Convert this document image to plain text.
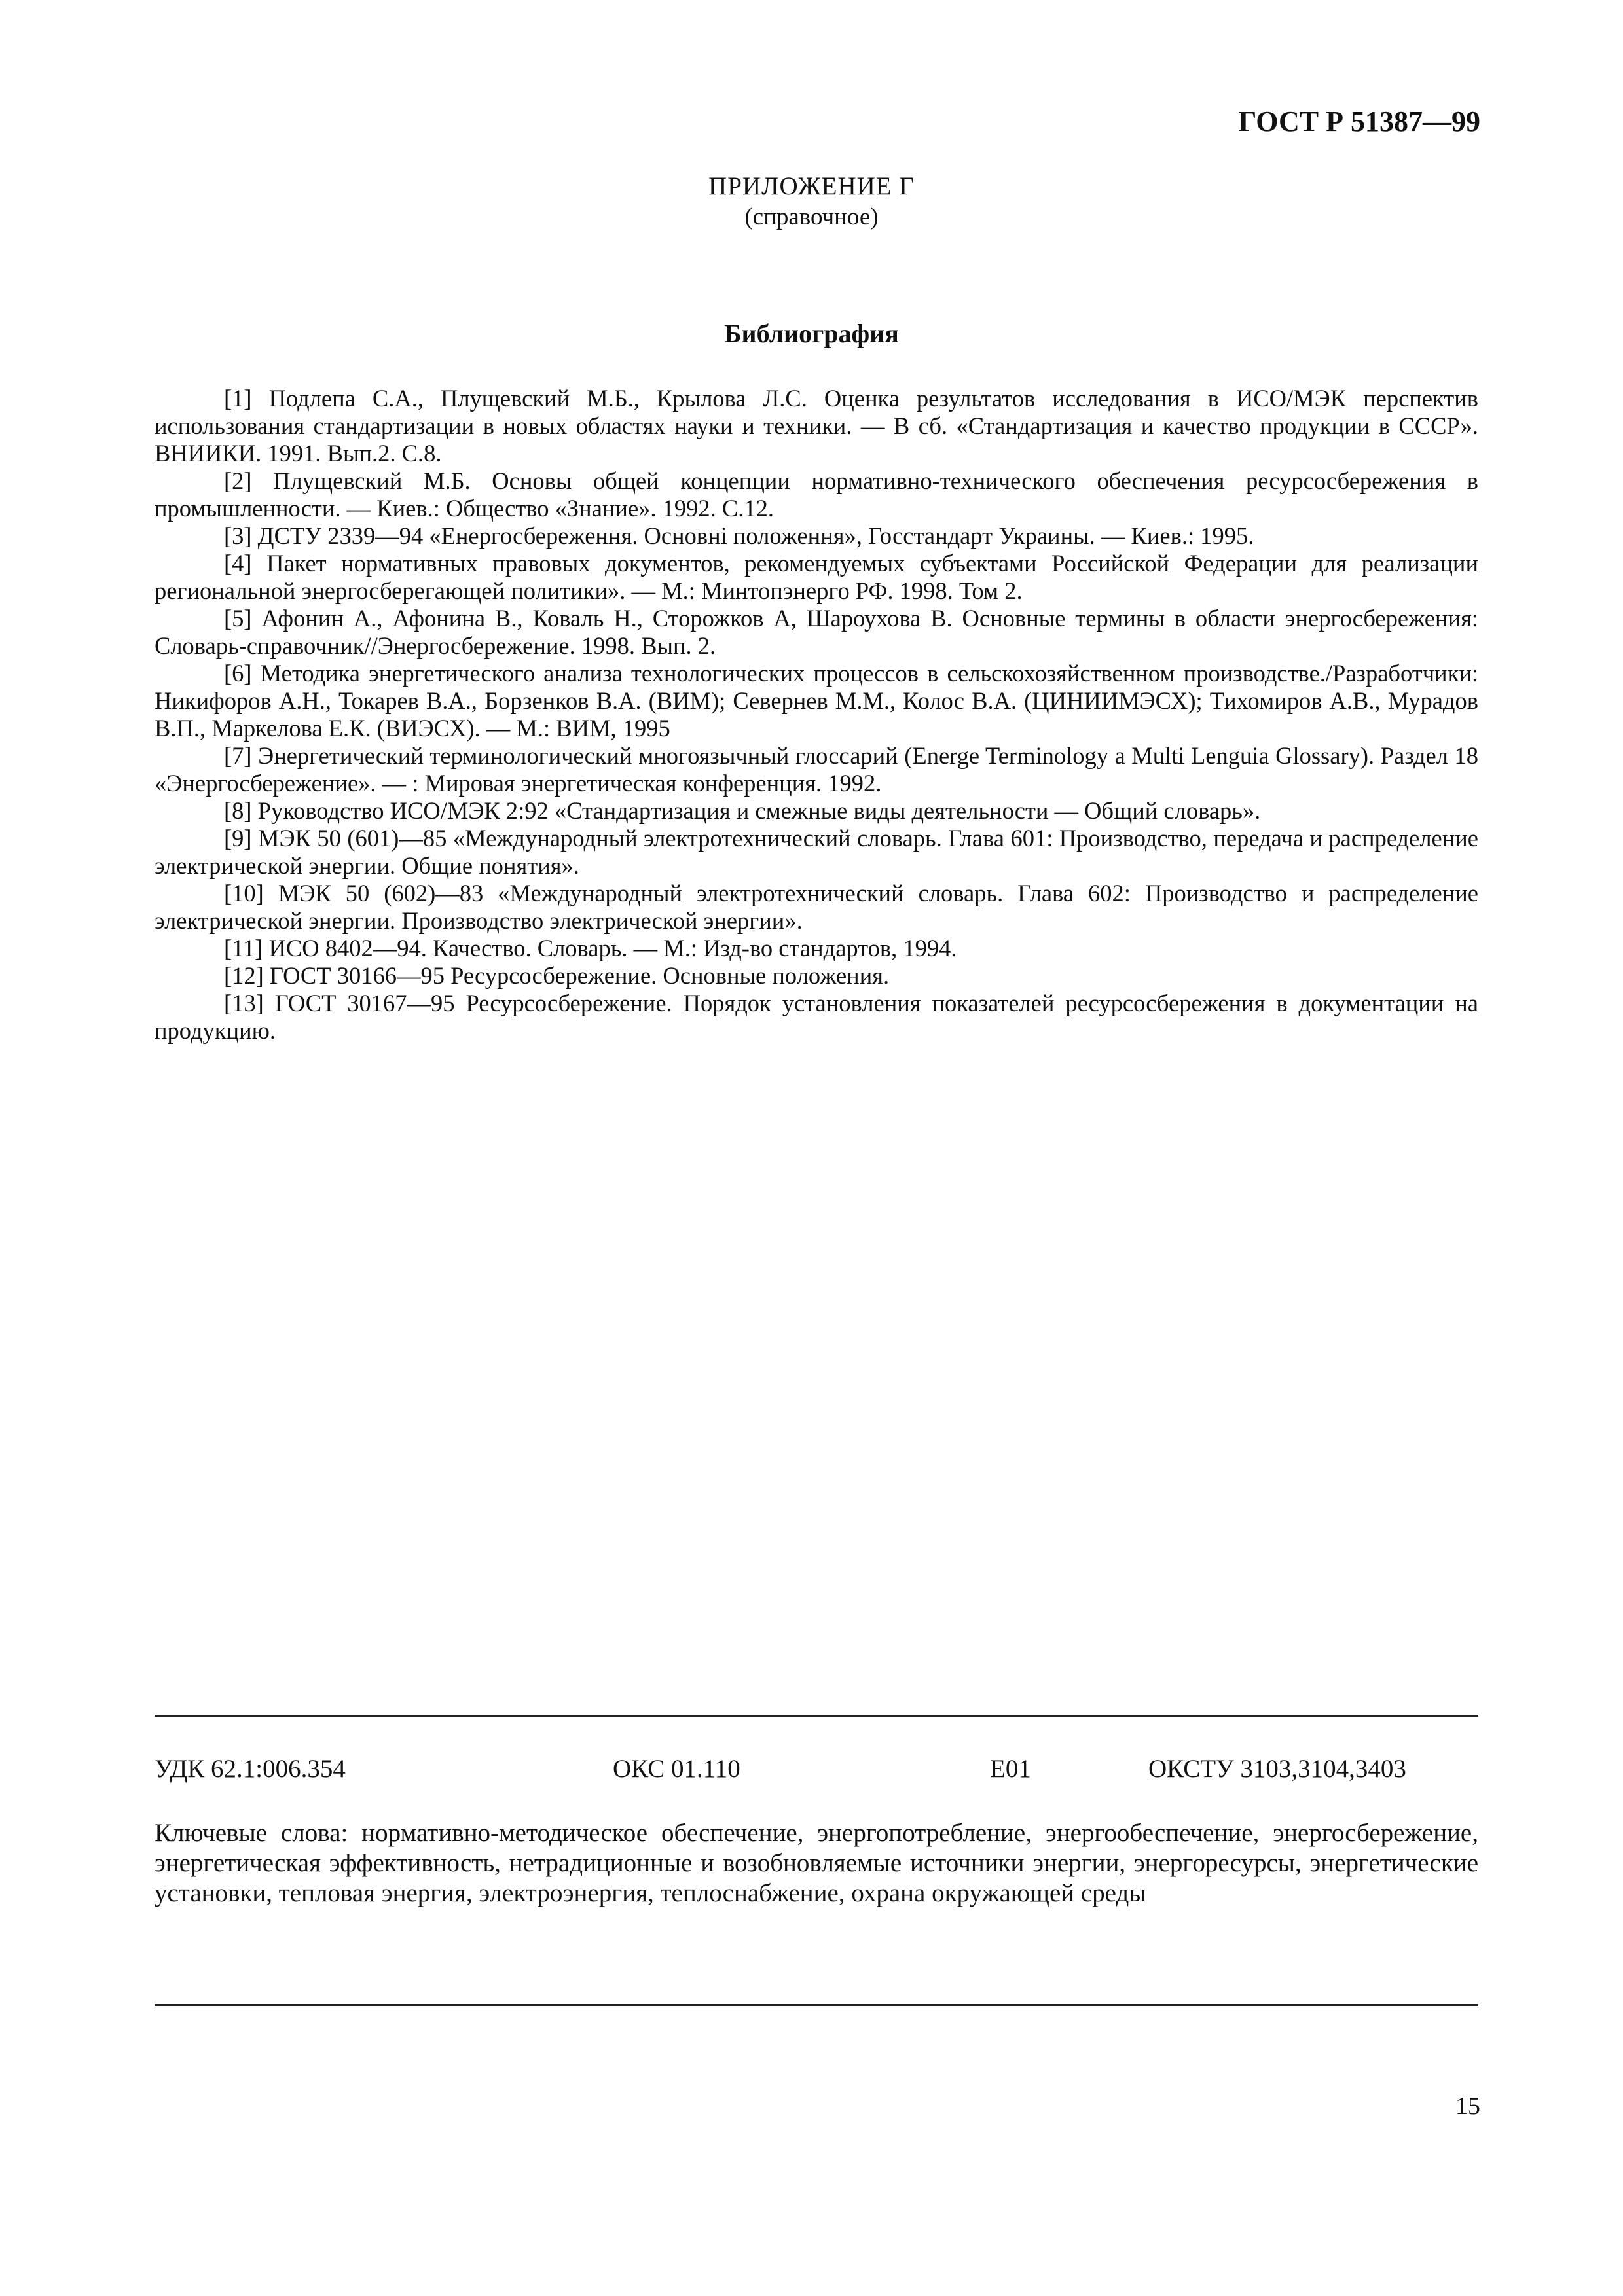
ГОСТ Р 51387—99
ПРИЛОЖЕНИЕ Г
(справочное)
Библиография

[1] Подлепа С.А., Плущевский М.Б., Крылова Л.С. Оценка результатов исследования в ИСО/МЭК перспектив использования стандартизации в новых областях науки и техники. — В сб. «Стандартизация и качество продукции в СССР». ВНИИКИ. 1991. Вып.2. С.8.

[2] Плущевский М.Б. Основы общей концепции нормативно-технического обеспечения ресурсосбережения в промышленности. — Киев.: Общество «Знание». 1992. С.12.

[3] ДСТУ 2339—94 «Енергосбереження. Основні положення», Госстандарт Украины. — Киев.: 1995.

[4] Пакет нормативных правовых документов, рекомендуемых субъектами Российской Федерации для реализации региональной энергосберегающей политики». — М.: Минтопэнерго РФ. 1998. Том 2.

[5] Афонин А., Афонина В., Коваль Н., Сторожков А, Шароухова В. Основные термины в области энергосбережения: Словарь-справочник//Энергосбережение. 1998. Вып. 2.

[6] Методика энергетического анализа технологических процессов в сельскохозяйственном производстве./Разработчики: Никифоров А.Н., Токарев В.А., Борзенков В.А. (ВИМ); Севернев М.М., Колос В.А. (ЦИНИИМЭСХ); Тихомиров А.В., Мурадов В.П., Маркелова Е.К. (ВИЭСХ). — М.: ВИМ, 1995

[7] Энергетический терминологический многоязычный глоссарий (Energe Terminology a Multi Lenguia Glossary). Раздел 18 «Энергосбережение». — : Мировая энергетическая конференция. 1992.

[8] Руководство ИСО/МЭК 2:92 «Стандартизация и смежные виды деятельности — Общий словарь».

[9] МЭК 50 (601)—85 «Международный электротехнический словарь. Глава 601: Производство, передача и распределение электрической энергии. Общие понятия».

[10] МЭК 50 (602)—83 «Международный электротехнический словарь. Глава 602: Производство и распределение электрической энергии. Производство электрической энергии».

[11] ИСО 8402—94. Качество. Словарь. — М.: Изд-во стандартов, 1994.

[12] ГОСТ 30166—95 Ресурсосбережение. Основные положения.

[13] ГОСТ 30167—95 Ресурсосбережение. Порядок установления показателей ресурсосбережения в документации на продукцию.

УДК 62.1:006.354	ОКС 01.110	Е01	ОКСТУ 3103,3104,3403
Ключевые слова: нормативно-методическое обеспечение, энергопотребление, энергообеспечение, энергосбережение, энергетическая эффективность, нетрадиционные и возобновляемые источники энергии, энергоресурсы, энергетические установки, тепловая энергия, электроэнергия, теплоснабжение, охрана окружающей среды
15
